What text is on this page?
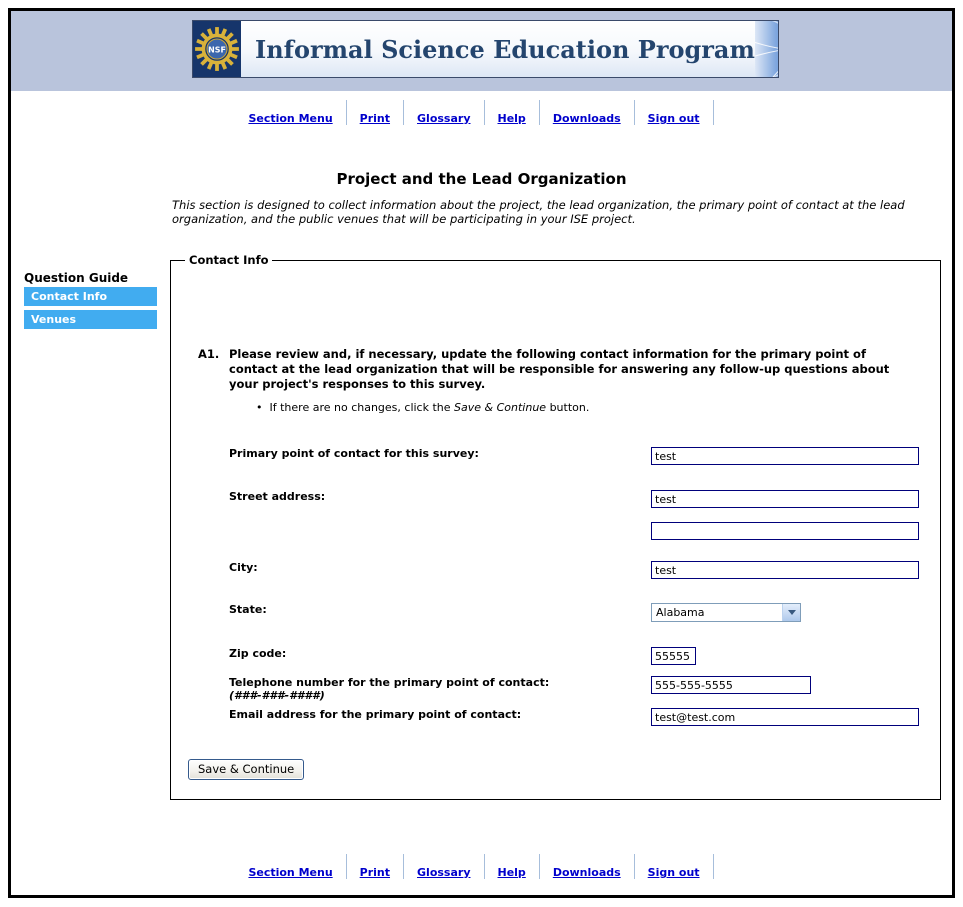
NSF Informal Science Education Program
Section Menu Print Glossary Help Downloads Sign out
Project and the Lead Organization
This section is designed to collect information about the project, the lead organization, the primary point of contact at the lead organization, and the public venues that will be participating in your ISE project.
Question Guide
Contact Info
Venues
Contact Info
A1. Please review and, if necessary, update the following contact information for the primary point of contact at the lead organization that will be responsible for answering any follow-up questions about your project's responses to this survey.
• If there are no changes, click the Save & Continue button.
Primary point of contact for this survey:
test
Street address:
test
City:
test
State:	Alabama
Zip code:
55555
Telephone number for the primary point of contact:
(###-###-####)
555-555-5555
Email address for the primary point of contact:
test@test.com
Save & Continue
Section Menu Print Glossary Help Downloads Sign out
